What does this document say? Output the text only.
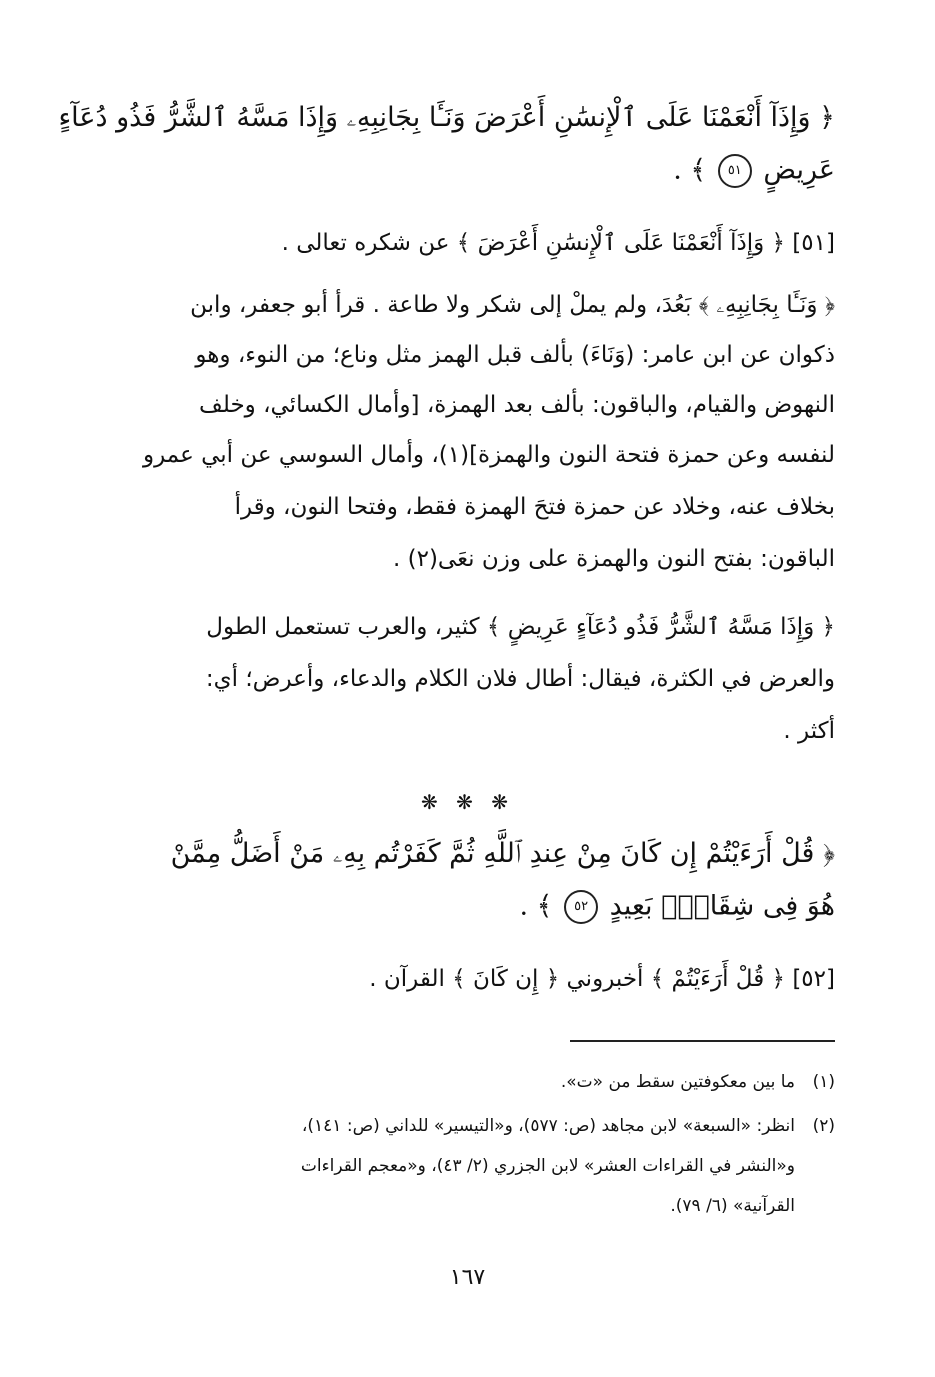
﴿ وَإِذَآ أَنْعَمْنَا عَلَى ٱلْإِنسَٰنِ أَعْرَضَ وَنَـَٔا بِجَانِبِهِۦ وَإِذَا مَسَّهُ ٱلشَّرُّ فَذُو دُعَآءٍ
عَرِيضٍ ٥١ ﴾ .
[٥١] ﴿ وَإِذَآ أَنْعَمْنَا عَلَى ٱلْإِنسَٰنِ أَعْرَضَ ﴾ عن شكره تعالى .
﴿ وَنَـَٔا بِجَانِبِهِۦ ﴾ بَعُدَ، ولم يملْ إلى شكر ولا طاعة . قرأ أبو جعفر، وابن
ذكوان عن ابن عامر: (وَنَاءَ) بألف قبل الهمز مثل وناع؛ من النوء، وهو
النهوض والقيام، والباقون: بألف بعد الهمزة، [وأمال الكسائي، وخلف
لنفسه وعن حمزة فتحة النون والهمزة](١)، وأمال السوسي عن أبي عمرو
بخلاف عنه، وخلاد عن حمزة فتحَ الهمزة فقط، وفتحا النون، وقرأ
الباقون: بفتح النون والهمزة على وزن نعَى(٢) .
﴿ وَإِذَا مَسَّهُ ٱلشَّرُّ فَذُو دُعَآءٍ عَرِيضٍ ﴾ كثير، والعرب تستعمل الطول
والعرض في الكثرة، فيقال: أطال فلان الكلام والدعاء، وأعرض؛ أي:
أكثر .
﴿ قُلْ أَرَءَيْتُمْ إِن كَانَ مِنْ عِندِ ٱللَّهِ ثُمَّ كَفَرْتُم بِهِۦ مَنْ أَضَلُّ مِمَّنْ
هُوَ فِى شِقَاقٍۭ بَعِيدٍ ٥٢ ﴾ .
[٥٢] ﴿ قُلْ أَرَءَيْتُمْ ﴾ أخبروني ﴿ إِن كَانَ ﴾ القرآن .
❋ ❋ ❋
(١)ما بين معكوفتين سقط من «ت».
(٢)انظر: «السبعة» لابن مجاهد (ص: ٥٧٧)، و«التيسير» للداني (ص: ١٤١)،
و«النشر في القراءات العشر» لابن الجزري (٢/ ٤٣)، و«معجم القراءات
القرآنية» (٦/ ٧٩).
١٦٧
